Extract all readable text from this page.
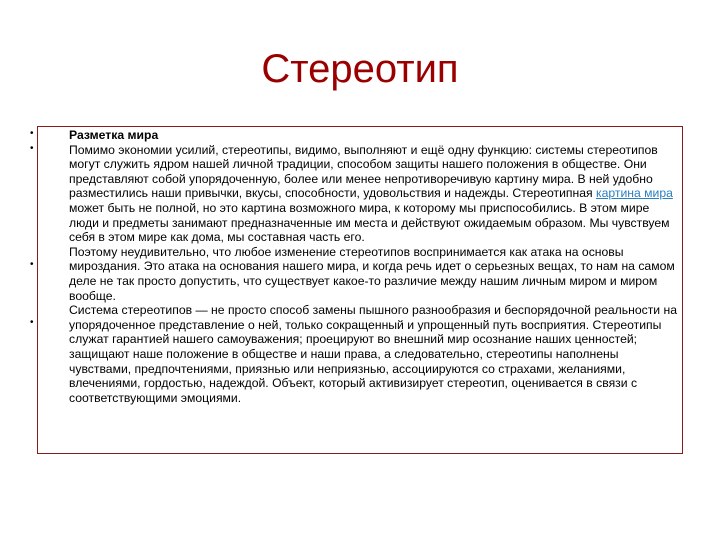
Стереотип
•
•
•
•

Разметка мира

Помимо экономии усилий, стереотипы, видимо, выполняют и ещё одну функцию: системы стереотипов могут служить ядром нашей личной традиции, способом защиты нашего положения в обществе. Они представляют собой упорядоченную, более или менее непротиворечивую картину мира. В ней удобно разместились наши привычки, вкусы, способности, удовольствия и надежды. Стереотипная картина мира может быть не полной, но это картина возможного мира, к которому мы приспособились. В этом мире люди и предметы занимают предназначенные им места и действуют ожидаемым образом. Мы чувствуем себя в этом мире как дома, мы составная часть его.

Поэтому неудивительно, что любое изменение стереотипов воспринимается как атака на основы мироздания. Это атака на основания нашего мира, и когда речь идет о серьезных вещах, то нам на самом деле не так просто допустить, что существует какое-то различие между нашим личным миром и миром вообще.

Система стереотипов — не просто способ замены пышного разнообразия и беспорядочной реальности на упорядоченное представление о ней, только сокращенный и упрощенный путь восприятия. Стереотипы служат гарантией нашего самоуважения; проецируют во внешний мир осознание наших ценностей; защищают наше положение в обществе и наши права, а следовательно, стереотипы наполнены чувствами, предпочтениями, приязнью или неприязнью, ассоциируются со страхами, желаниями, влечениями, гордостью, надеждой. Объект, который активизирует стереотип, оценивается в связи с соответствующими эмоциями.
